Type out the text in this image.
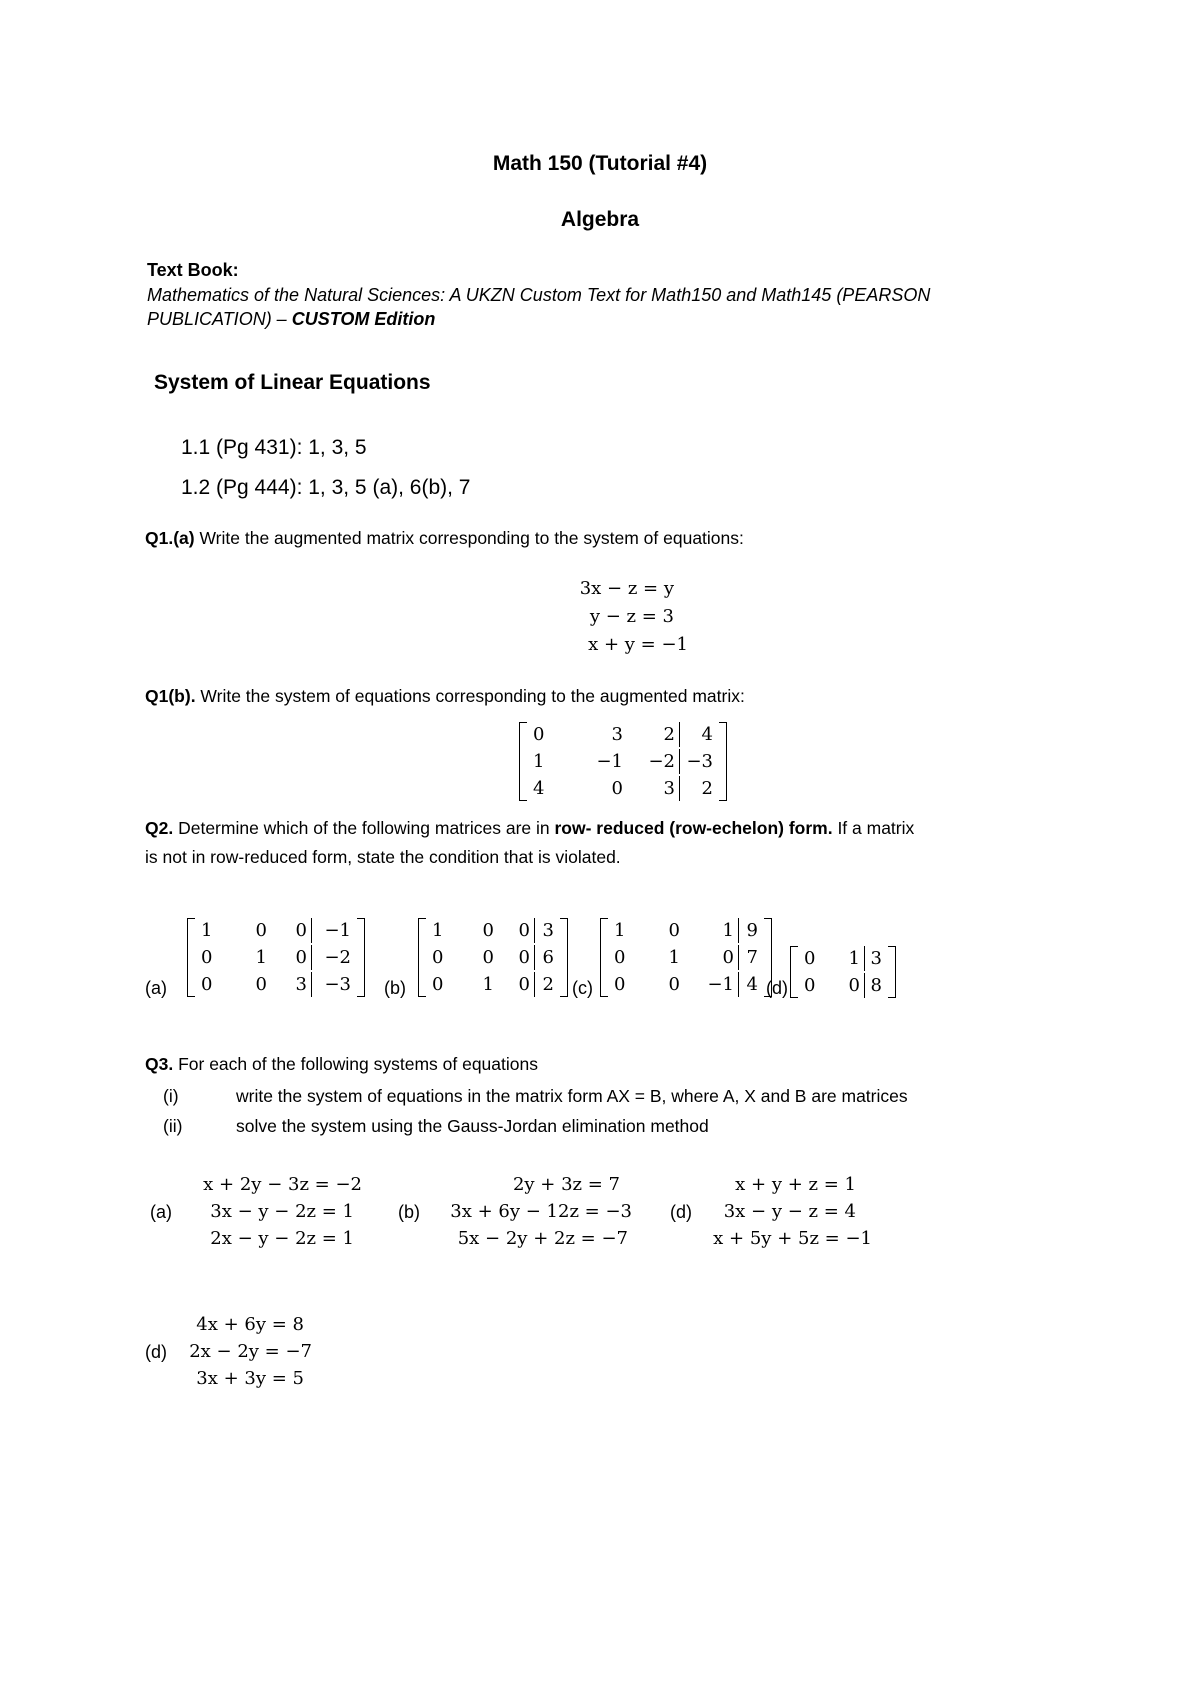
Math 150 (Tutorial #4)
Algebra
Text Book:
Mathematics of the Natural Sciences: A UKZN Custom Text for Math150 and Math145 (PEARSON
PUBLICATION) – CUSTOM Edition
System of Linear Equations
1.1 (Pg 431): 1, 3, 5
1.2 (Pg 444): 1, 3, 5 (a), 6(b), 7
Q1.(a) Write the augmented matrix corresponding to the system of equations:
3x − z = y
y − z = 3
x + y = −1
Q1(b). Write the system of equations corresponding to the augmented matrix:
0	3	2	4
1	−1	−2 −3
4	0	3	2
Q2. Determine which of the following matrices are in row- reduced (row-echelon) form. If a matrix
is not in row-reduced form, state the condition that is violated.
(a)
1	0	0 −1
0	1	0 −2
0	0	3 −3 (b)
1	0	0 3
0	0	0 6
0	1	0 2 (c)
1	0	1 9
0	1	0 7
0	0	−1 4 (d)
0	1 3
0	0 8
Q3. For each of the following systems of equations
(i)	write the system of equations in the matrix form AX = B, where A, X and B are matrices
(ii)	solve the system using the Gauss-Jordan elimination method
(a)
x + 2y − 3z = −2
3x − y − 2z = 1
2x − y − 2z = 1
(b)
2y + 3z = 7
3x + 6y − 12z = −3
5x − 2y + 2z = −7
(d)
x + y + z = 1
3x − y − z = 4
x + 5y + 5z = −1
(d)
4x + 6y = 8
2x − 2y = −7
3x + 3y = 5
